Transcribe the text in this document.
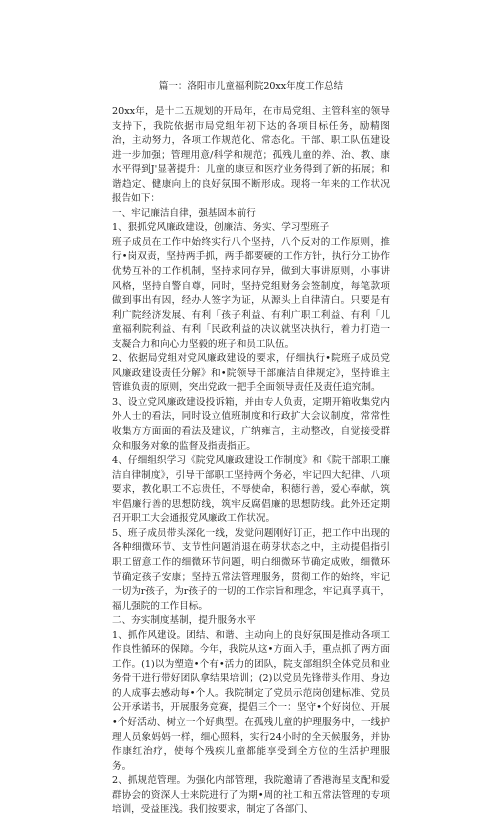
篇一：洛阳市儿童福利院20xx年度工作总结

20xx年，是十二五规划的开局年，在市局党组、主管科室的领导支持下，我院依据市局党组年初下达的各项目标任务，励精图治，主动努力，各项工作规范化、常态化。干部、职工队伍建设进一步加强；管理用意/科学和规范；孤残儿童的养、治、教、康水平得到J'显著提升：儿童的康豆和医疗业务得到了新的拓展；和谐趋定、健康向上的良好氛围不断形成。现将一年来的工作状况报告如下：

一、牢记廉洁自律，强基固本前行

1、狠抓党风廉政建设，创廉洁、务实、学习型班子

班子成员在工作中始终实行八个坚持，八个反对的工作原则，推行•岗双责，坚持两手抓，两手都要硬的工作方针，执行分工协作优势互补的工作机制，坚持求同存异，做到大事讲原则，小事讲风格，坚持自警自尊，同时，坚持党组财务会签制度，每笔款项做到事出有因，经办人签字为证，从源头上自律清白。只要是有利广院经济发展、有利「孩子利益、有利广职工利益、有利「儿童福利院利益、有利「民政利益的决议就坚决执行，着力打造一支凝合力和向心力坚毅的班子和员工队伍。

2、依据局党组对党风廉政建设的要求，仔细执行•院班子成员党风廉政建设责任分解》和•院领导干部廉洁自律规定》，坚持谁主管谁负责的原则，突出党政一把手全面领导责任及责任追究制。

3、设立党风廉政建设投诉箱，并由专人负责，定期开箱收集党内外人士的看法，同时设立值班制度和行政扩大会议制度，常常性收集方方面面的看法及建议，广纳雍言，主动整改，自觉接受群众和服务对象的监督及指责指正。

4、仔细组织学习《院党风廉政建设工作制度》和《院干部职工廉洁自律制度》，引导干部职工坚持两个务必，牢记四大纪律、八项要求，教化职工不忘贵任，不辱使命，积德行善，爱心奉献，筑牢倡廉行善的思想防线，筑牢反腐倡廉的思想防线。此外还定期召开职工大会通报党风廉政工作状况。

5、班子成员带头深化一线，发觉问题刚好订正，把工作中出现的各种细微环节、支节性问题消退在萌芽状态之中，主动提倡指引职工留意工作的细微环节问题，明白细微环节确定成败，细微环节确定孩子安康；坚持五常法管理服务，贯彻工作的始终，牢记一切为r孩子，为r孩子的一切的工作宗旨和理念，牢记真孚真干，福儿强院的工作目标。

二、夯实制度基制，提升服务水平

1、抓作风建设。团结、和谐、主动向上的良好氛围是推动各项工作良性循环的保障。今年，我院从这•方面入手，重点抓了两方面工作。(1)以为塑造•个有•活力的团队，院支部组织全体党员和业务骨干进行带好团队拿结果培训；(2)以党员先锋带头作用、身边的人成事去感动每•个人。我院制定了党员示范岗创建标准、党员公开承诺书，开展服务竞赛，提倡三个一：坚守•个好岗位、开展•个好活动、树立一个好典型。在孤残儿童的护理服务中，一线护理人员象妈妈一样，细心照料，实行24小时的全天候服务，并协作康红治疗，使每个残疾儿童都能享受到全方位的生活护理服务。

2、抓规范管理。为强化内部管理，我院邀请了香港海星支配和爱群协会的资深人士来院进行了为期•周的社工和五常法管理的专项培训，受益匪浅。我们按要求，制定了各部门、
